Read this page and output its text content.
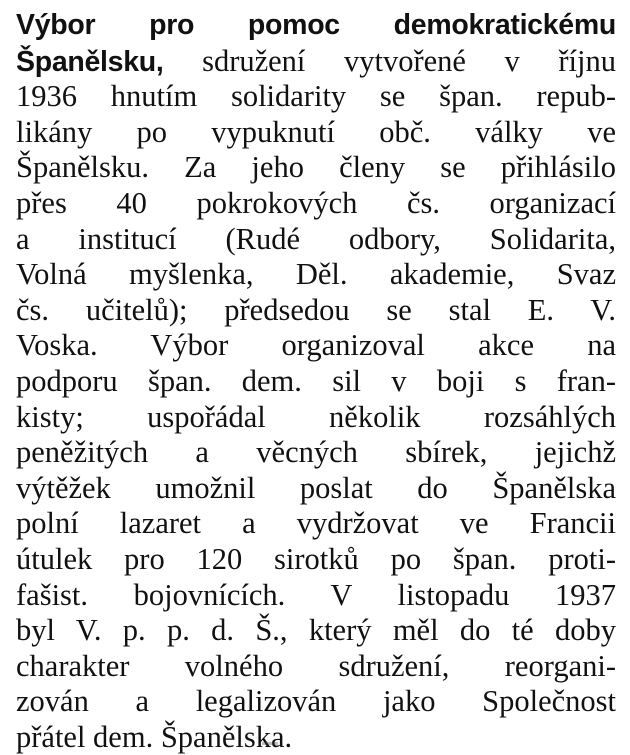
Výbor pro pomoc demokratickému
Španělsku, sdružení vytvořené v říjnu
1936 hnutím solidarity se špan. repub-
likány po vypuknutí obč. války ve
Španělsku. Za jeho členy se přihlásilo
přes 40 pokrokových čs. organizací
a institucí (Rudé odbory, Solidarita,
Volná myšlenka, Děl. akademie, Svaz
čs. učitelů); předsedou se stal E. V.
Voska. Výbor organizoval akce na
podporu špan. dem. sil v boji s fran-
kisty; uspořádal několik rozsáhlých
peněžitých a věcných sbírek, jejichž
výtěžek umožnil poslat do Španělska
polní lazaret a vydržovat ve Francii
útulek pro 120 sirotků po špan. proti-
fašist. bojovnících. V listopadu 1937
byl V. p. p. d. Š., který měl do té doby
charakter volného sdružení, reorgani-
zován a legalizován jako Společnost
přátel dem. Španělska.
